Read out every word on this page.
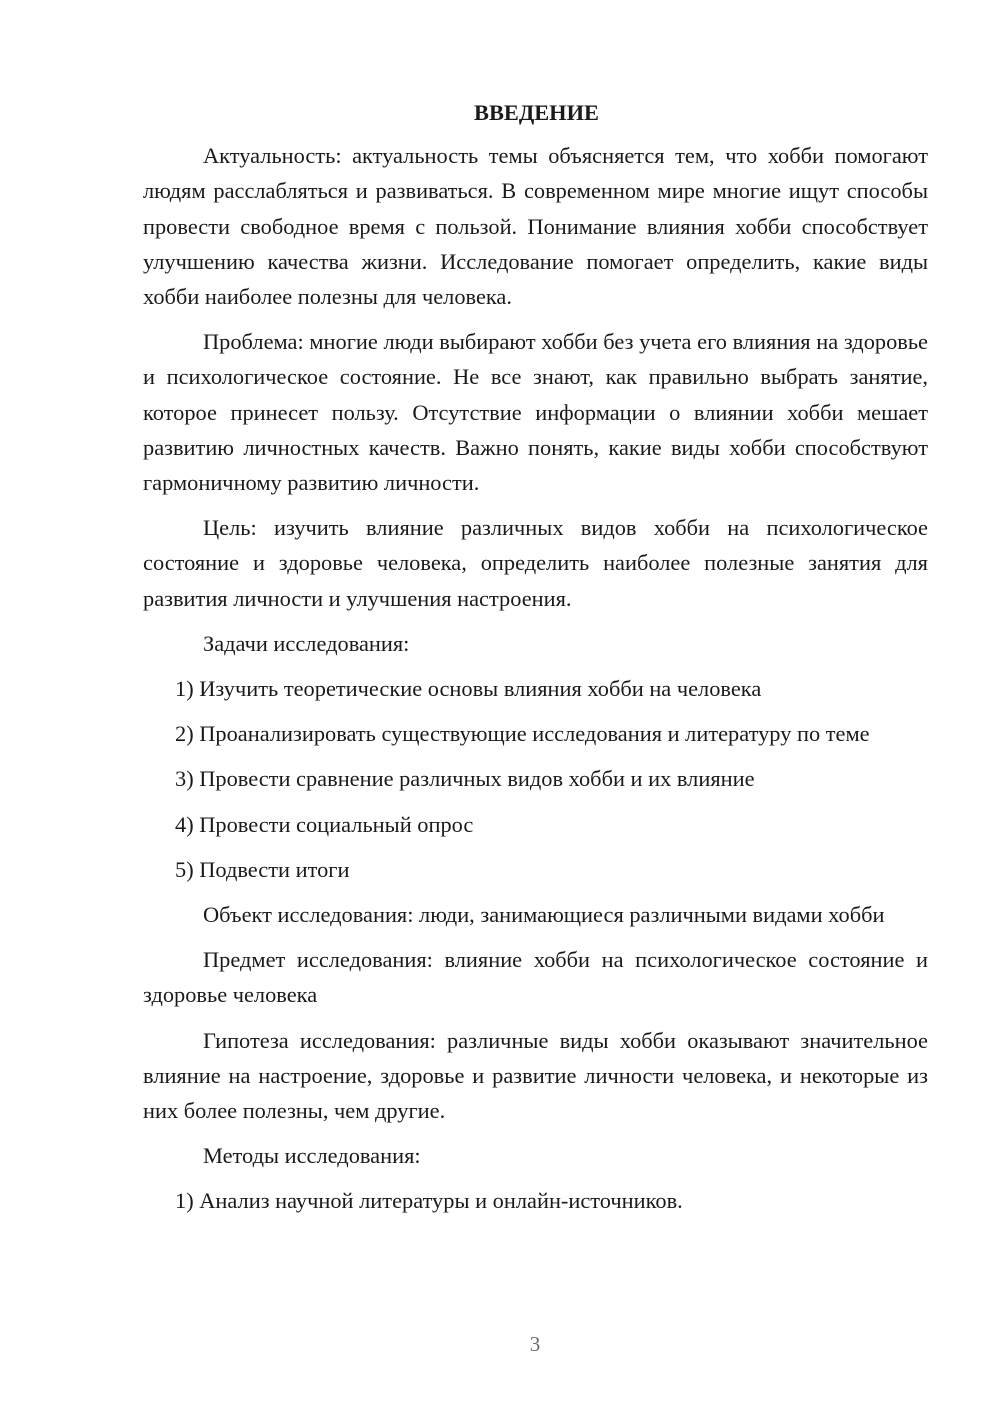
ВВЕДЕНИЕ

Актуальность: актуальность темы объясняется тем, что хобби помогают людям расслабляться и развиваться. В современном мире многие ищут способы провести свободное время с пользой. Понимание влияния хобби способствует улучшению качества жизни. Исследование помогает определить, какие виды хобби наиболее полезны для человека.

Проблема: многие люди выбирают хобби без учета его влияния на здоровье и психологическое состояние. Не все знают, как правильно выбрать занятие, которое принесет пользу. Отсутствие информации о влиянии хобби мешает развитию личностных качеств. Важно понять, какие виды хобби способствуют гармоничному развитию личности.

Цель: изучить влияние различных видов хобби на психологическое состояние и здоровье человека, определить наиболее полезные занятия для развития личности и улучшения настроения.

Задачи исследования:

1) Изучить теоретические основы влияния хобби на человека

2) Проанализировать существующие исследования и литературу по теме

3) Провести сравнение различных видов хобби и их влияние

4) Провести социальный опрос

5) Подвести итоги

Объект исследования: люди, занимающиеся различными видами хобби

Предмет исследования: влияние хобби на психологическое состояние и здоровье человека

Гипотеза исследования: различные виды хобби оказывают значительное влияние на настроение, здоровье и развитие личности человека, и некоторые из них более полезны, чем другие.

Методы исследования:

1) Анализ научной литературы и онлайн-источников.

3
